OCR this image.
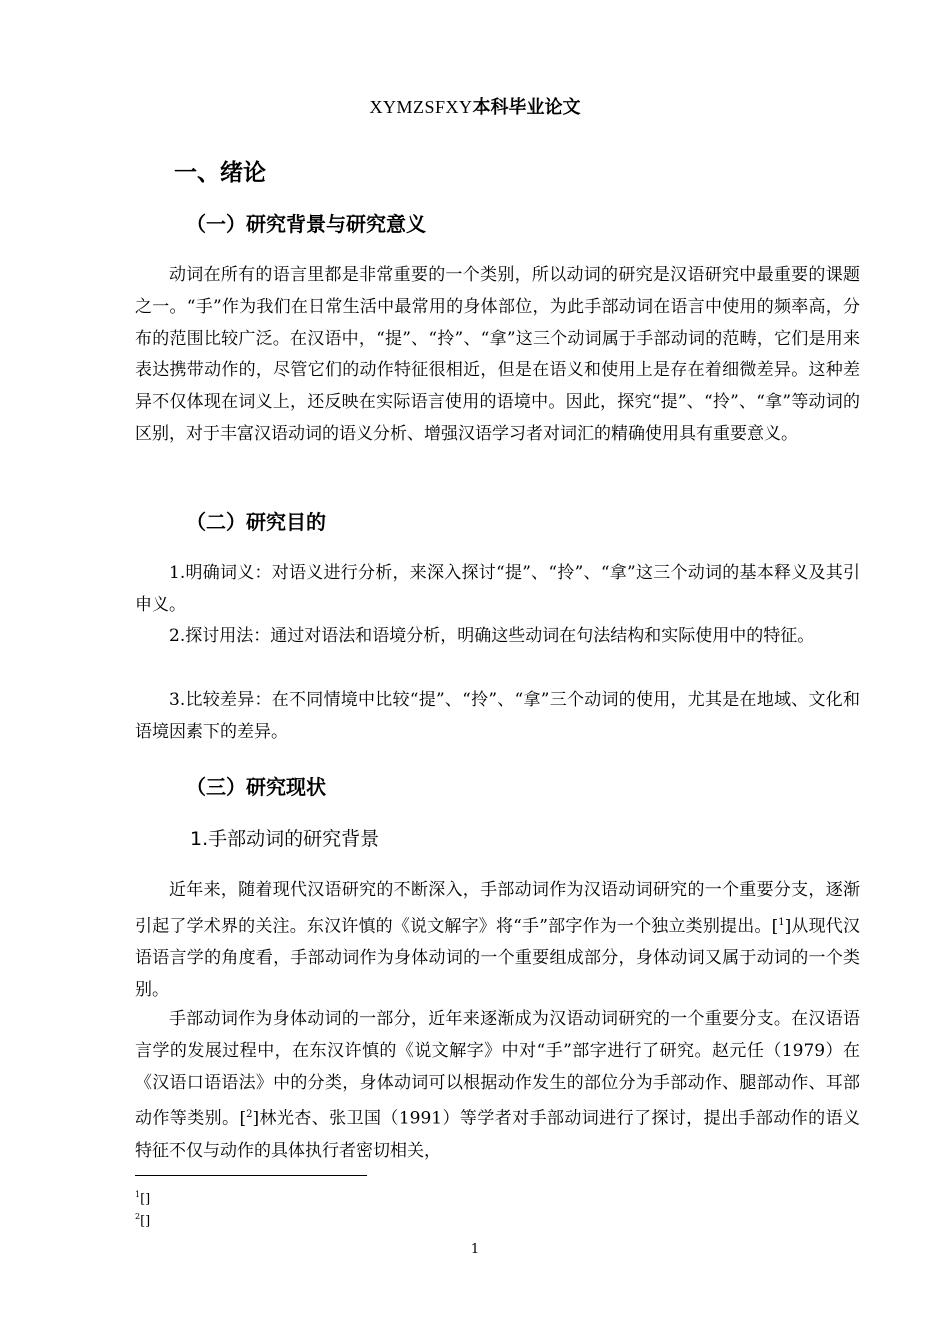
XYMZSFXY本科毕业论文
一、绪论
（一）研究背景与研究意义

动词在所有的语言里都是非常重要的一个类别，所以动词的研究是汉语研究中最重要的课题之一。“手”作为我们在日常生活中最常用的身体部位，为此手部动词在语言中使用的频率高，分布的范围比较广泛。在汉语中，“提”、“拎”、“拿”这三个动词属于手部动词的范畴，它们是用来表达携带动作的，尽管它们的动作特征很相近，但是在语义和使用上是存在着细微差异。这种差异不仅体现在词义上，还反映在实际语言使用的语境中。因此，探究“提”、“拎”、“拿”等动词的区别，对于丰富汉语动词的语义分析、增强汉语学习者对词汇的精确使用具有重要意义。

（二）研究目的

1.明确词义：对语义进行分析，来深入探讨“提”、“拎”、“拿”这三个动词的基本释义及其引申义。

2.探讨用法：通过对语法和语境分析，明确这些动词在句法结构和实际使用中的特征。

3.比较差异：在不同情境中比较“提”、“拎”、“拿”三个动词的使用，尤其是在地域、文化和语境因素下的差异。

（三）研究现状
1.手部动词的研究背景

近年来，随着现代汉语研究的不断深入，手部动词作为汉语动词研究的一个重要分支，逐渐引起了学术界的关注。东汉许慎的《说文解字》将“手”部字作为一个独立类别提出。[$^1$]从现代汉语语言学的角度看，手部动词作为身体动词的一个重要组成部分，身体动词又属于动词的一个类别。

手部动词作为身体动词的一部分，近年来逐渐成为汉语动词研究的一个重要分支。在汉语语言学的发展过程中，在东汉许慎的《说文解字》中对“手”部字进行了研究。赵元任（1979）在《汉语口语语法》中的分类，身体动词可以根据动作发生的部位分为手部动作、腿部动作、耳部动作等类别。[$^2$]林光杏、张卫国（1991）等学者对手部动词进行了探讨，提出手部动作的语义特征不仅与动作的具体执行者密切相关，

$^1$[]
$^2$[]
1
